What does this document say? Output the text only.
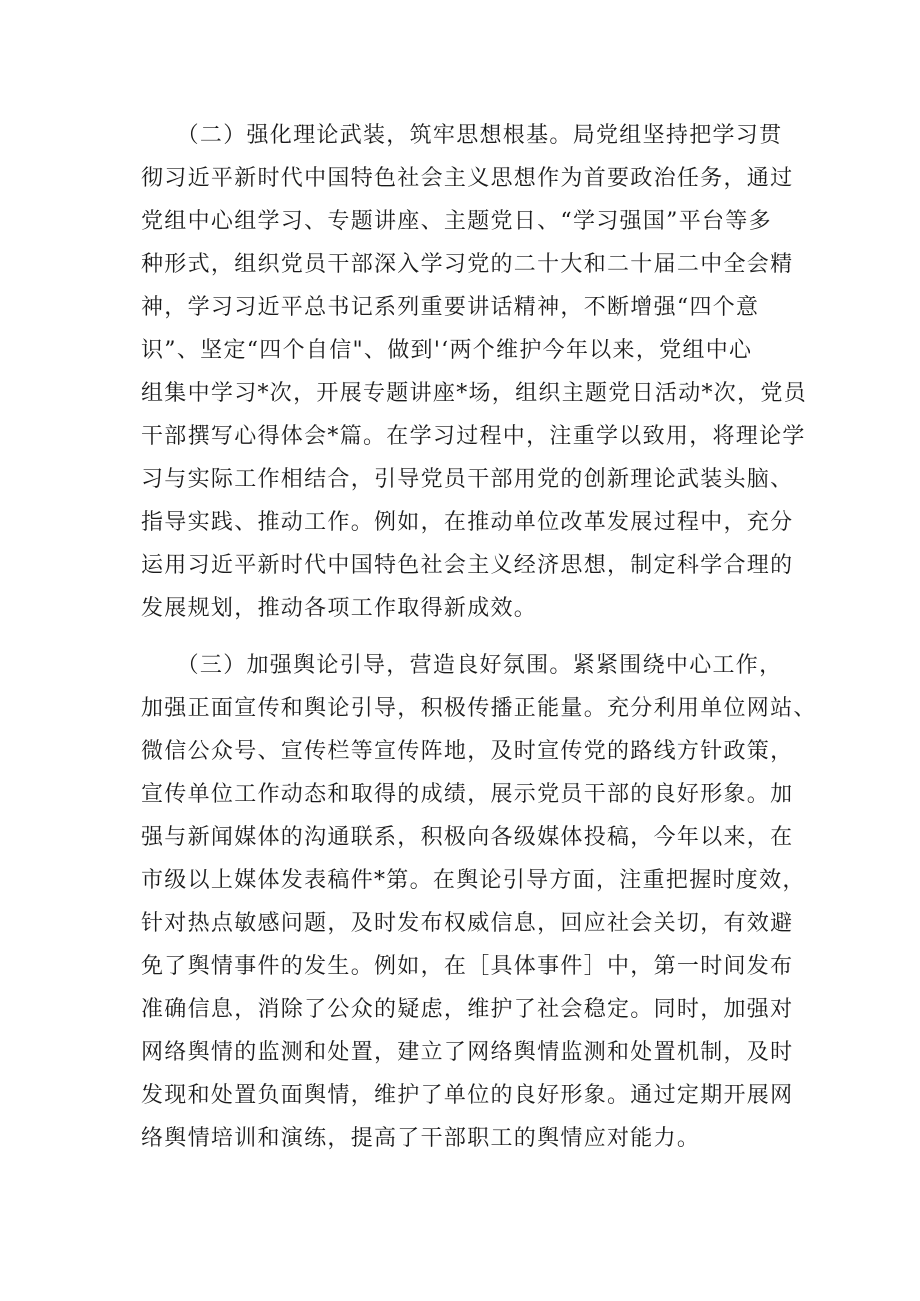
　　（二）强化理论武装，筑牢思想根基。局党组坚持把学习贯
彻习近平新时代中国特色社会主义思想作为首要政治任务，通过
党组中心组学习、专题讲座、主题党日、“学习强国”平台等多
种形式，组织党员干部深入学习党的二十大和二十届二中全会精
神，学习习近平总书记系列重要讲话精神，不断增强“四个意
识”、坚定“四个自信"、做到'‘两个维护今年以来，党组中心
组集中学习*次，开展专题讲座*场，组织主题党日活动*次，党员
干部撰写心得体会*篇。在学习过程中，注重学以致用，将理论学
习与实际工作相结合，引导党员干部用党的创新理论武装头脑、
指导实践、推动工作。例如，在推动单位改革发展过程中，充分
运用习近平新时代中国特色社会主义经济思想，制定科学合理的
发展规划，推动各项工作取得新成效。
　　（三）加强舆论引导，营造良好氛围。紧紧围绕中心工作，
加强正面宣传和舆论引导，积极传播正能量。充分利用单位网站、
微信公众号、宣传栏等宣传阵地，及时宣传党的路线方针政策，
宣传单位工作动态和取得的成绩，展示党员干部的良好形象。加
强与新闻媒体的沟通联系，积极向各级媒体投稿，今年以来，在
市级以上媒体发表稿件*第。在舆论引导方面，注重把握时度效，
针对热点敏感问题，及时发布权威信息，回应社会关切，有效避
免了舆情事件的发生。例如，在［具体事件］中，第一时间发布
准确信息，消除了公众的疑虑，维护了社会稳定。同时，加强对
网络舆情的监测和处置，建立了网络舆情监测和处置机制，及时
发现和处置负面舆情，维护了单位的良好形象。通过定期开展网
络舆情培训和演练，提高了干部职工的舆情应对能力。
